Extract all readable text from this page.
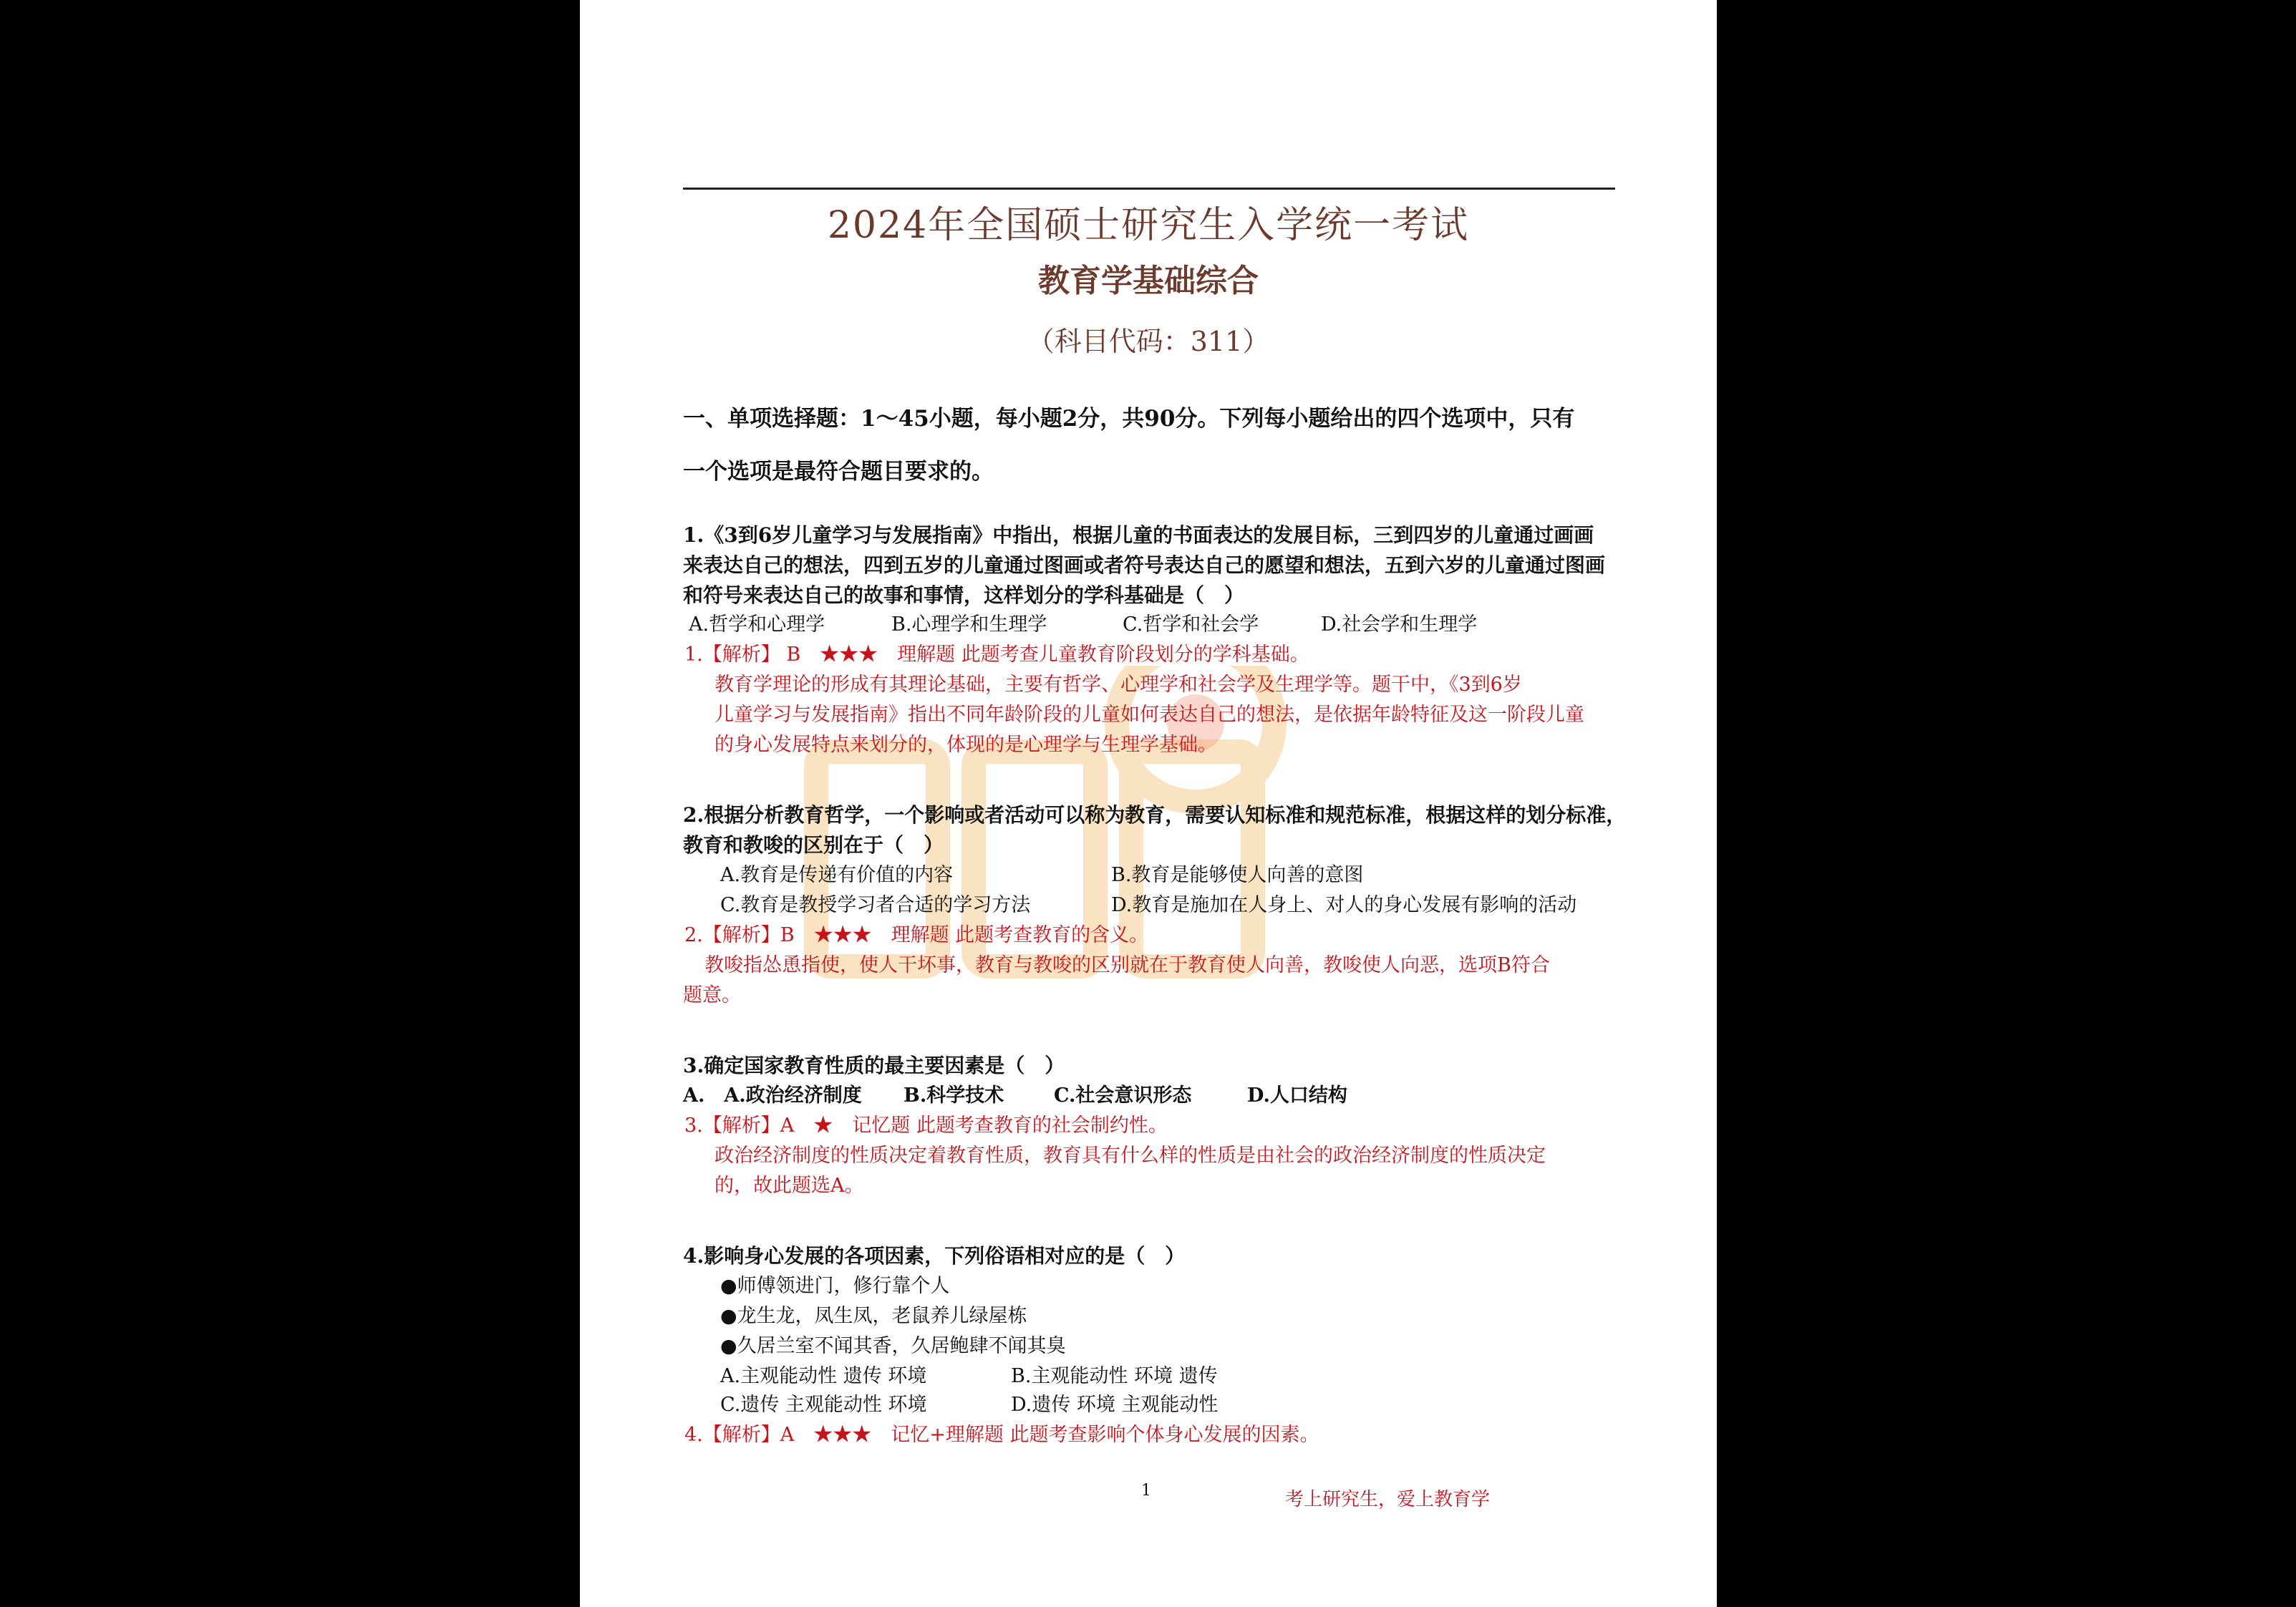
2024年全国硕士研究生入学统一考试
教育学基础综合
（科目代码：311）
一、单项选择题：1～45小题，每小题2分，共90分。下列每小题给出的四个选项中，只有
一个选项是最符合题目要求的。
1.《3到6岁儿童学习与发展指南》中指出，根据儿童的书面表达的发展目标，三到四岁的儿童通过画画
来表达自己的想法，四到五岁的儿童通过图画或者符号表达自己的愿望和想法，五到六岁的儿童通过图画
和符号来表达自己的故事和事情，这样划分的学科基础是（　）
A.哲学和心理学	B.心理学和生理学	C.哲学和社会学	D.社会学和生理学
1.【解析】 B　★★★　理解题 此题考查儿童教育阶段划分的学科基础。
教育学理论的形成有其理论基础，主要有哲学、心理学和社会学及生理学等。题干中，《3到6岁
儿童学习与发展指南》指出不同年龄阶段的儿童如何表达自己的想法，是依据年龄特征及这一阶段儿童
的身心发展特点来划分的，体现的是心理学与生理学基础。
2.根据分析教育哲学，一个影响或者活动可以称为教育，需要认知标准和规范标准，根据这样的划分标准，
教育和教唆的区别在于（　）
A.教育是传递有价值的内容	B.教育是能够使人向善的意图
C.教育是教授学习者合适的学习方法	D.教育是施加在人身上、对人的身心发展有影响的活动
2.【解析】B　★★★　理解题 此题考查教育的含义。
教唆指怂恿指使，使人干坏事，教育与教唆的区别就在于教育使人向善，教唆使人向恶，选项B符合
题意。
3.确定国家教育性质的最主要因素是（　）
A.　A.政治经济制度 B.科学技术	C.社会意识形态	D.人口结构
3.【解析】A　★　记忆题 此题考查教育的社会制约性。
政治经济制度的性质决定着教育性质，教育具有什么样的性质是由社会的政治经济制度的性质决定
的，故此题选A。
4.影响身心发展的各项因素，下列俗语相对应的是（　）
●师傅领进门，修行靠个人
●龙生龙，凤生凤，老鼠养儿绿屋栋
●久居兰室不闻其香，久居鲍肆不闻其臭
A.主观能动性 遗传 环境	B.主观能动性 环境 遗传
C.遗传 主观能动性 环境	D.遗传 环境 主观能动性
4.【解析】A　★★★　记忆+理解题 此题考查影响个体身心发展的因素。
1	考上研究生，爱上教育学
